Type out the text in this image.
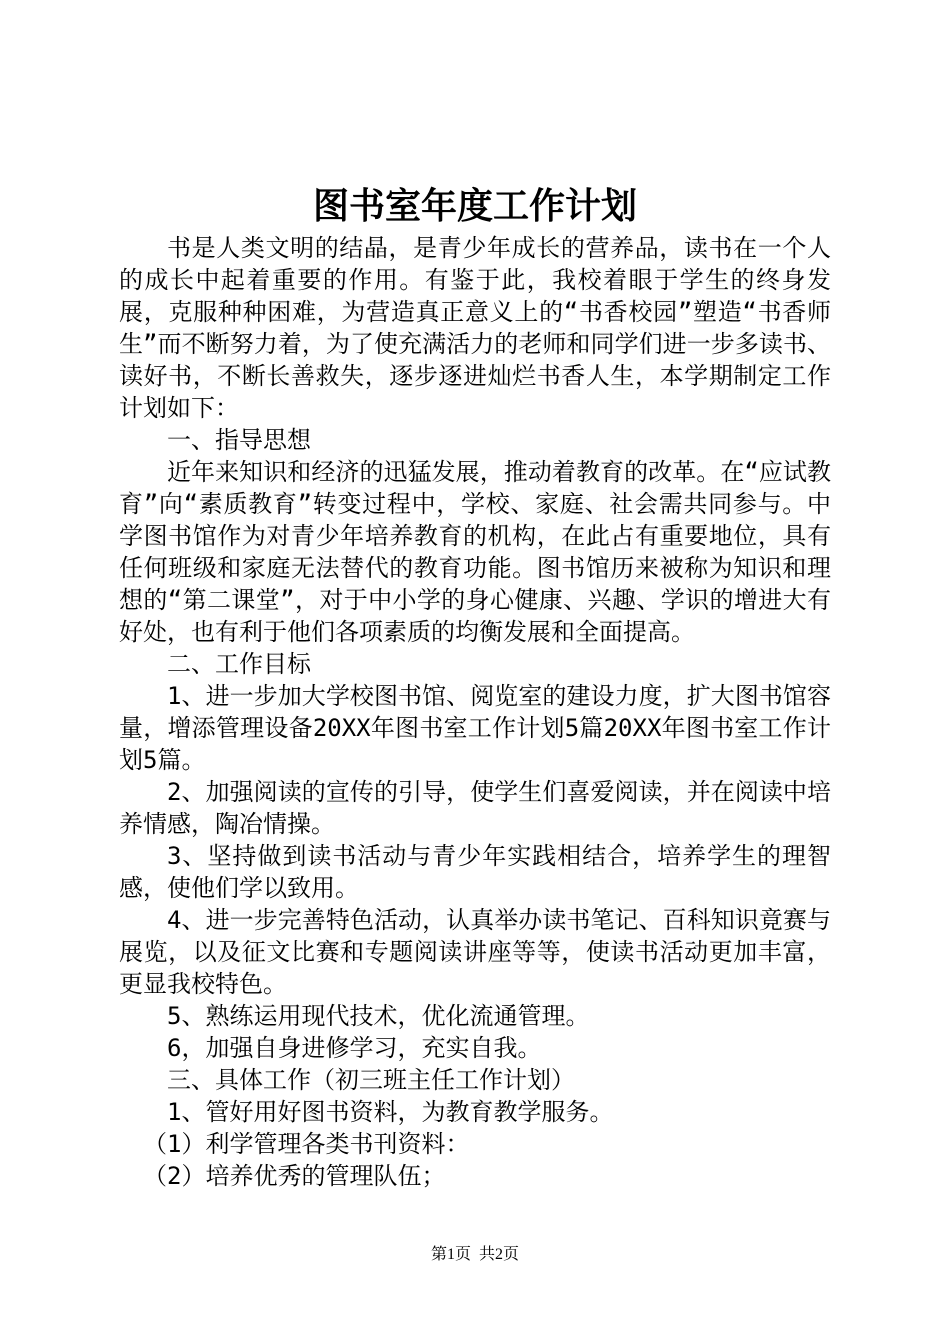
图书室年度工作计划

书是人类文明的结晶，是青少年成长的营养品，读书在一个人的成长中起着重要的作用。有鉴于此，我校着眼于学生的终身发展，克服种种困难，为营造真正意义上的“书香校园”塑造“书香师生”而不断努力着，为了使充满活力的老师和同学们进一步多读书、读好书，不断长善救失，逐步逐进灿烂书香人生，本学期制定工作计划如下：

一、指导思想

近年来知识和经济的迅猛发展，推动着教育的改革。在“应试教育”向“素质教育”转变过程中，学校、家庭、社会需共同参与。中学图书馆作为对青少年培养教育的机构，在此占有重要地位，具有任何班级和家庭无法替代的教育功能。图书馆历来被称为知识和理想的“第二课堂”，对于中小学的身心健康、兴趣、学识的增进大有好处，也有利于他们各项素质的均衡发展和全面提高。

二、工作目标

1、进一步加大学校图书馆、阅览室的建设力度，扩大图书馆容量，增添管理设备20XX年图书室工作计划5篇20XX年图书室工作计划5篇。

2、加强阅读的宣传的引导，使学生们喜爱阅读，并在阅读中培养情感，陶冶情操。

3、坚持做到读书活动与青少年实践相结合，培养学生的理智感，使他们学以致用。

4、进一步完善特色活动，认真举办读书笔记、百科知识竟赛与展览，以及征文比赛和专题阅读讲座等等，使读书活动更加丰富，更显我校特色。

5、熟练运用现代技术，优化流通管理。

6，加强自身进修学习，充实自我。

三、具体工作（初三班主任工作计划）

1、管好用好图书资料，为教育教学服务。

（1）利学管理各类书刊资料：

（2）培养优秀的管理队伍；

第1页 共2页
